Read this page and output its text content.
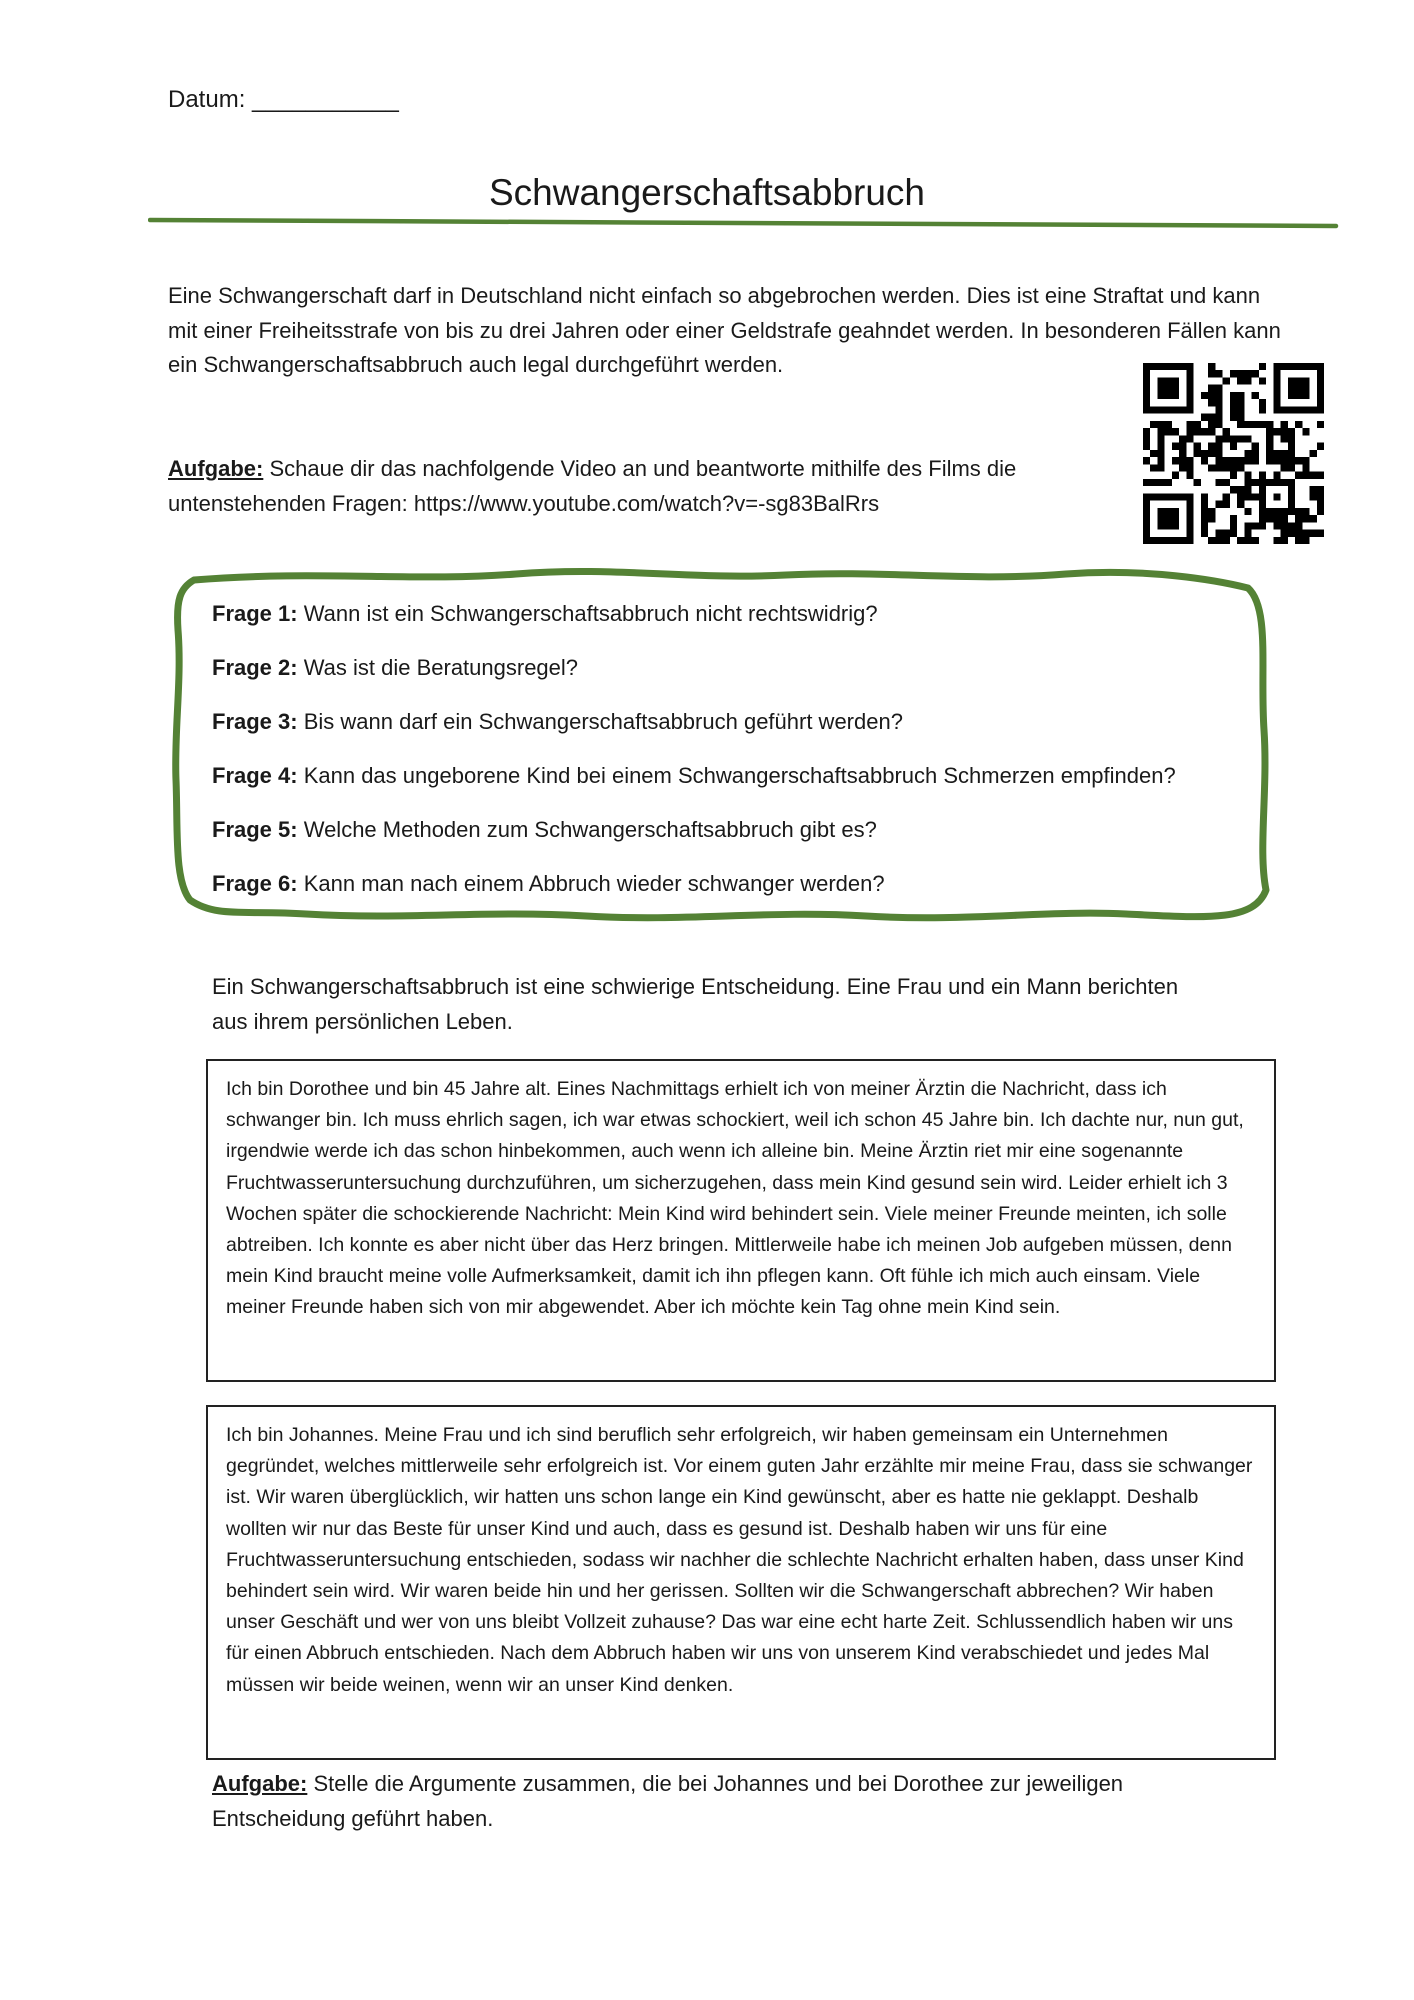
Datum: ___________
Schwangerschaftsabbruch
Eine Schwangerschaft darf in Deutschland nicht einfach so abgebrochen werden. Dies ist eine Straftat und kann mit einer Freiheitsstrafe von bis zu drei Jahren oder einer Geldstrafe geahndet werden. In besonderen Fällen kann ein Schwangerschaftsabbruch auch legal durchgeführt werden.
Aufgabe: Schaue dir das nachfolgende Video an und beantworte mithilfe des Films die untenstehenden Fragen: https://www.youtube.com/watch?v=-sg83BalRrs
Frage 1: Wann ist ein Schwangerschaftsabbruch nicht rechtswidrig?
Frage 2: Was ist die Beratungsregel?
Frage 3: Bis wann darf ein Schwangerschaftsabbruch geführt werden?
Frage 4: Kann das ungeborene Kind bei einem Schwangerschaftsabbruch Schmerzen empfinden?
Frage 5: Welche Methoden zum Schwangerschaftsabbruch gibt es?
Frage 6: Kann man nach einem Abbruch wieder schwanger werden?
Ein Schwangerschaftsabbruch ist eine schwierige Entscheidung. Eine Frau und ein Mann berichten aus ihrem persönlichen Leben.
Ich bin Dorothee und bin 45 Jahre alt. Eines Nachmittags erhielt ich von meiner Ärztin die Nachricht, dass ich schwanger bin. Ich muss ehrlich sagen, ich war etwas schockiert, weil ich schon 45 Jahre bin. Ich dachte nur, nun gut, irgendwie werde ich das schon hinbekommen, auch wenn ich alleine bin. Meine Ärztin riet mir eine sogenannte Fruchtwasseruntersuchung durchzuführen, um sicherzugehen, dass mein Kind gesund sein wird. Leider erhielt ich 3 Wochen später die schockierende Nachricht: Mein Kind wird behindert sein. Viele meiner Freunde meinten, ich solle abtreiben. Ich konnte es aber nicht über das Herz bringen. Mittlerweile habe ich meinen Job aufgeben müssen, denn mein Kind braucht meine volle Aufmerksamkeit, damit ich ihn pflegen kann. Oft fühle ich mich auch einsam. Viele meiner Freunde haben sich von mir abgewendet. Aber ich möchte kein Tag ohne mein Kind sein.
Ich bin Johannes. Meine Frau und ich sind beruflich sehr erfolgreich, wir haben gemeinsam ein Unternehmen gegründet, welches mittlerweile sehr erfolgreich ist. Vor einem guten Jahr erzählte mir meine Frau, dass sie schwanger ist. Wir waren überglücklich, wir hatten uns schon lange ein Kind gewünscht, aber es hatte nie geklappt. Deshalb wollten wir nur das Beste für unser Kind und auch, dass es gesund ist. Deshalb haben wir uns für eine Fruchtwasseruntersuchung entschieden, sodass wir nachher die schlechte Nachricht erhalten haben, dass unser Kind behindert sein wird. Wir waren beide hin und her gerissen. Sollten wir die Schwangerschaft abbrechen? Wir haben unser Geschäft und wer von uns bleibt Vollzeit zuhause? Das war eine echt harte Zeit. Schlussendlich haben wir uns für einen Abbruch entschieden. Nach dem Abbruch haben wir uns von unserem Kind verabschiedet und jedes Mal müssen wir beide weinen, wenn wir an unser Kind denken.
Aufgabe: Stelle die Argumente zusammen, die bei Johannes und bei Dorothee zur jeweiligen Entscheidung geführt haben.
